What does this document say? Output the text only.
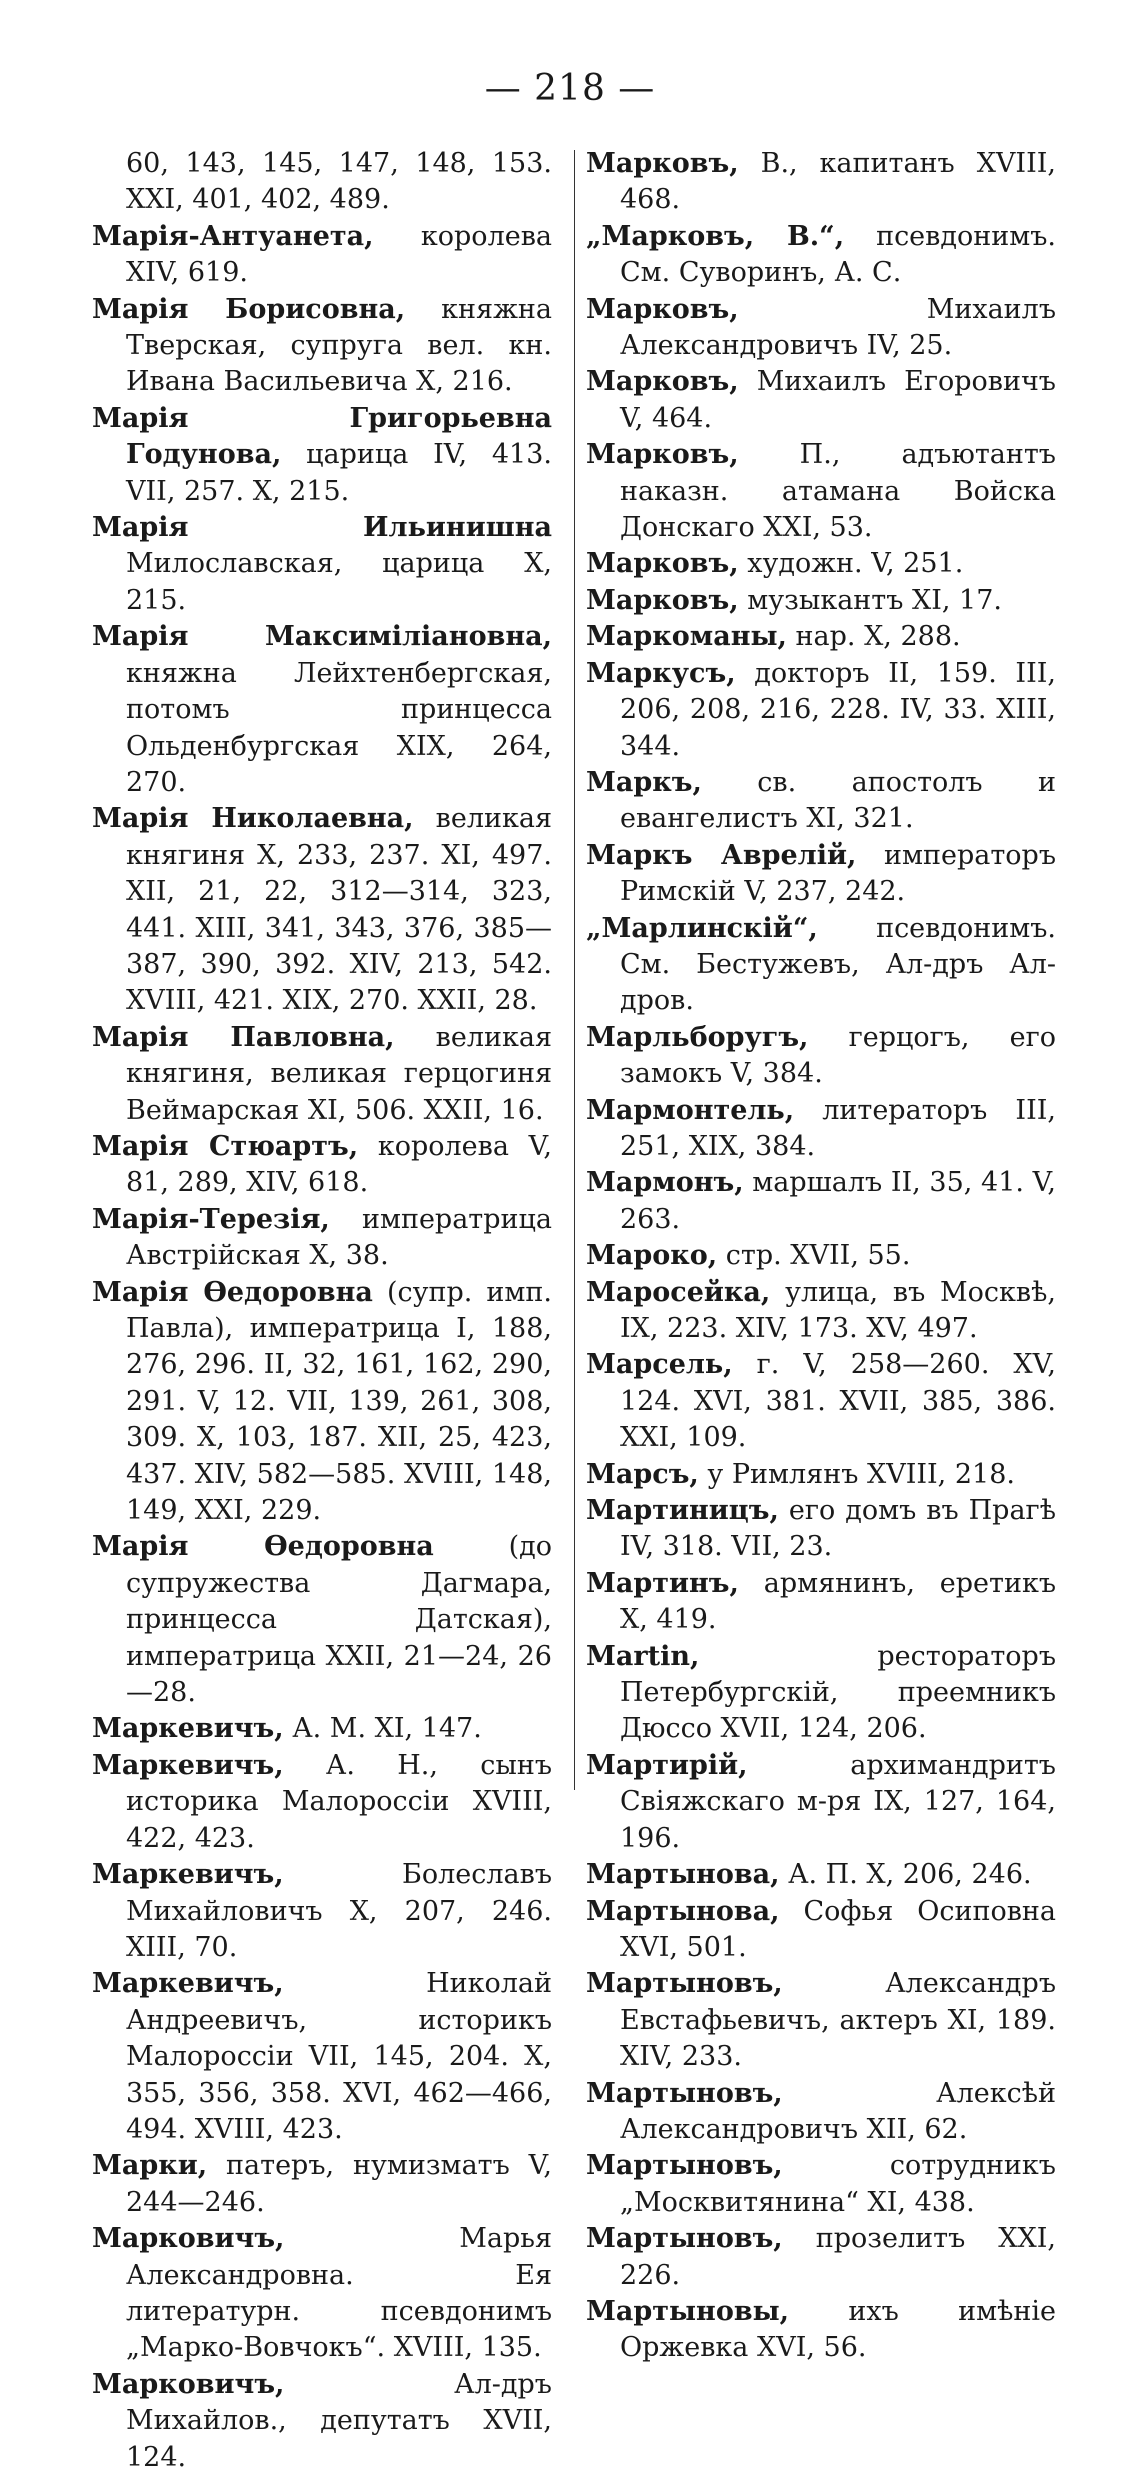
— 218 —

60, 143, 145, 147, 148, 153. XXI, 401, 402, 489.

Марія-Антуанета, королева XIV, 619.

Марія Борисовна, княжна Тверская, супруга вел. кн. Ивана Васильевича X, 216.

Марія Григорьевна Годунова, царица IV, 413. VII, 257. X, 215.

Марія Ильинишна Милославская, царица X, 215.

Марія Максиміліановна, княжна Лейхтенбергская, потомъ принцесса Ольденбургская XIX, 264, 270.

Марія Николаевна, великая княгиня X, 233, 237. XI, 497. XII, 21, 22, 312—314, 323, 441. XIII, 341, 343, 376, 385—387, 390, 392. XIV, 213, 542. XVIII, 421. XIX, 270. XXII, 28.

Марія Павловна, великая княгиня, великая герцогиня Веймарская XI, 506. XXII, 16.

Марія Стюартъ, королева V, 81, 289, XIV, 618.

Марія-Терезія, императрица Австрійская X, 38.

Марія Өедоровна (супр. имп. Павла), императрица I, 188, 276, 296. II, 32, 161, 162, 290, 291. V, 12. VII, 139, 261, 308, 309. X, 103, 187. XII, 25, 423, 437. XIV, 582—585. XVIII, 148, 149, XXI, 229.

Марія Өедоровна (до супружества Дагмара, принцесса Датская), императрица XXII, 21—24, 26—28.

Маркевичъ, А. М. XI, 147.

Маркевичъ, А. Н., сынъ историка Малороссіи XVIII, 422, 423.

Маркевичъ, Болеславъ Михайловичъ X, 207, 246. XIII, 70.

Маркевичъ, Николай Андреевичъ, историкъ Малороссіи VII, 145, 204. X, 355, 356, 358. XVI, 462—466, 494. XVIII, 423.

Марки, патеръ, нумизматъ V, 244—246.

Марковичъ, Марья Александровна. Ея литературн. псевдонимъ „Марко-Вовчокъ“. XVIII, 135.

Марковичъ, Ал-дръ Михайлов., депутатъ XVII, 124.

Марковъ, В., капитанъ XVIII, 468.

„Марковъ, В.“, псевдонимъ. См. Суворинъ, А. С.

Марковъ, Михаилъ Александровичъ IV, 25.

Марковъ, Михаилъ Егоровичъ V, 464.

Марковъ, П., адъютантъ наказн. атамана Войска Донскаго XXI, 53.

Марковъ, художн. V, 251.

Марковъ, музыкантъ XI, 17.

Маркоманы, нар. X, 288.

Маркусъ, докторъ II, 159. III, 206, 208, 216, 228. IV, 33. XIII, 344.

Маркъ, св. апостолъ и евангелистъ XI, 321.

Маркъ Аврелій, императоръ Римскій V, 237, 242.

„Марлинскій“, псевдонимъ. См. Бестужевъ, Ал-дръ Ал-дров.

Марльборугъ, герцогъ, его замокъ V, 384.

Мармонтель, литераторъ III, 251, XIX, 384.

Мармонъ, маршалъ II, 35, 41. V, 263.

Мароко, стр. XVII, 55.

Маросейка, улица, въ Москвѣ, IX, 223. XIV, 173. XV, 497.

Марсель, г. V, 258—260. XV, 124. XVI, 381. XVII, 385, 386. XXI, 109.

Марсъ, у Римлянъ XVIII, 218.

Мартиницъ, его домъ въ Прагѣ IV, 318. VII, 23.

Мартинъ, армянинъ, еретикъ X, 419.

Martin, ресторатоpъ Петербургскій, преемникъ Дюссо XVII, 124, 206.

Мартирій, архимандритъ Свіяжскаго м-ря IX, 127, 164, 196.

Мартынова, А. П. X, 206, 246.

Мартынова, Софья Осиповна XVI, 501.

Мартыновъ, Александръ Евстафьевичъ, актеръ XI, 189. XIV, 233.

Мартыновъ, Алексѣй Александровичъ XII, 62.

Мартыновъ, сотрудникъ „Москвитянина“ XI, 438.

Мартыновъ, прозелитъ XXI, 226.

Мартыновы, ихъ имѣніе Оржевка XVI, 56.
